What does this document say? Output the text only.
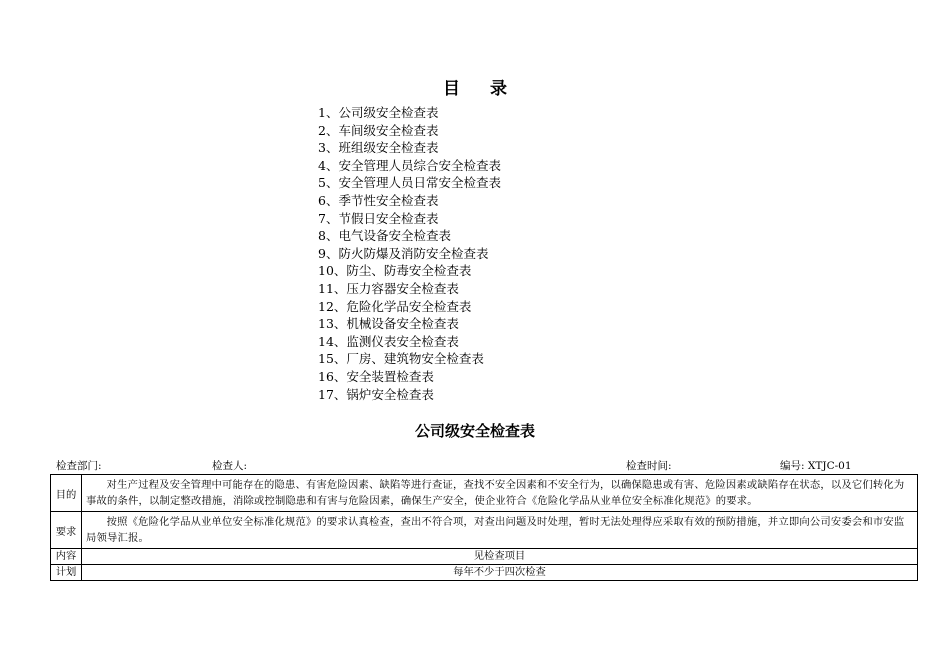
目 录
1、公司级安全检查表
2、车间级安全检查表
3、班组级安全检查表
4、安全管理人员综合安全检查表
5、安全管理人员日常安全检查表
6、季节性安全检查表
7、节假日安全检查表
8、电气设备安全检查表
9、防火防爆及消防安全检查表
10、防尘、防毒安全检查表
11、压力容器安全检查表
12、危险化学品安全检查表
13、机械设备安全检查表
14、监测仪表安全检查表
15、厂房、建筑物安全检查表
16、安全装置检查表
17、锅炉安全检查表
公司级安全检查表
检查部门:	检查人:	检查时间:	编号: XTJC-01
目的	对生产过程及安全管理中可能存在的隐患、有害危险因素、缺陷等进行查证，查找不安全因素和不安全行为，以确保隐患或有害、危险因素或缺陷存在状态，以及它们转化为事故的条件，以制定整改措施，消除或控制隐患和有害与危险因素，确保生产安全，使企业符合《危险化学品从业单位安全标准化规范》的要求。
要求	按照《危险化学品从业单位安全标准化规范》的要求认真检查，查出不符合项，对查出问题及时处理，暂时无法处理得应采取有效的预防措施，并立即向公司安委会和市安监局领导汇报。
内容	见检查项目
计划	每年不少于四次检查
